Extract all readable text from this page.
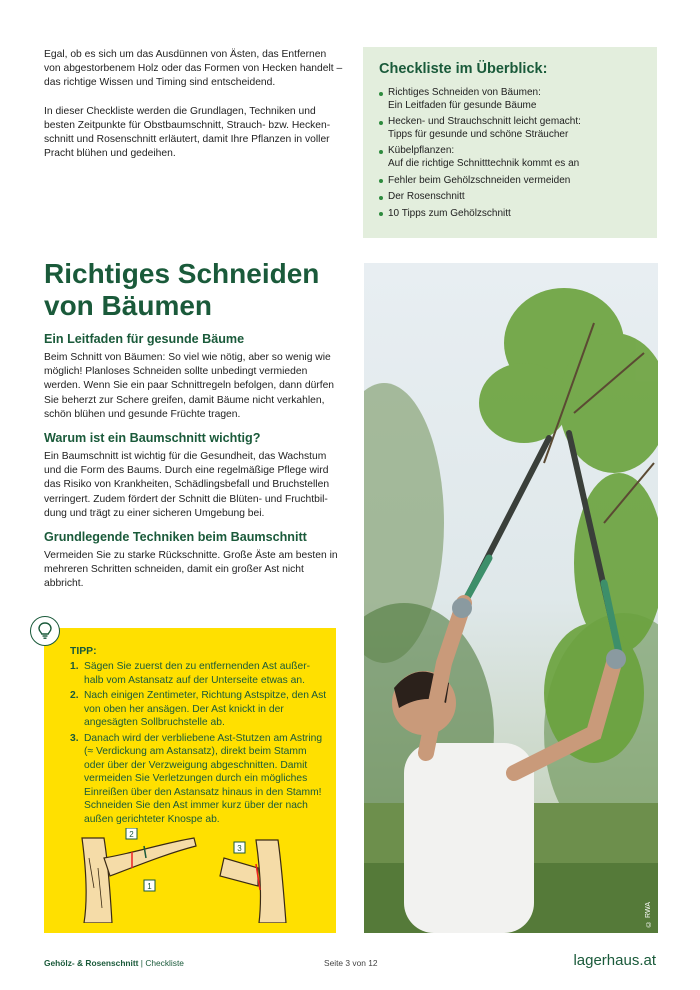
Egal, ob es sich um das Ausdünnen von Ästen, das Entfernen von abgestorbenem Holz oder das Formen von Hecken handelt – das richtige Wissen und Timing sind entscheidend.

In dieser Checkliste werden die Grundlagen, Techniken und besten Zeitpunkte für Obstbaumschnitt, Strauch- bzw. Hecken-schnitt und Rosenschnitt erläutert, damit Ihre Pflanzen in voller Pracht blühen und gedeihen.

Checkliste im Überblick:
Richtiges Schneiden von Bäumen:
Ein Leitfaden für gesunde Bäume
Hecken- und Strauchschnitt leicht gemacht:
Tipps für gesunde und schöne Sträucher
Kübelpflanzen:
Auf die richtige Schnitttechnik kommt es an
Fehler beim Gehölzschneiden vermeiden
Der Rosenschnitt
10 Tipps zum Gehölzschnitt
Richtiges Schneiden
von Bäumen
Ein Leitfaden für gesunde Bäume

Beim Schnitt von Bäumen: So viel wie nötig, aber so wenig wie möglich! Planloses Schneiden sollte unbedingt vermieden werden. Wenn Sie ein paar Schnittregeln befolgen, dann dürfen Sie beherzt zur Schere greifen, damit Bäume nicht verkahlen, schön blühen und gesunde Früchte tragen.

Warum ist ein Baumschnitt wichtig?

Ein Baumschnitt ist wichtig für die Gesundheit, das Wachstum und die Form des Baums. Durch eine regelmäßige Pflege wird das Risiko von Krankheiten, Schädlingsbefall und Bruchstellen verringert. Zudem fördert der Schnitt die Blüten- und Fruchtbil-dung und trägt zu einer sicheren Umgebung bei.

Grundlegende Techniken beim Baumschnitt

Vermeiden Sie zu starke Rückschnitte. Große Äste am besten in mehreren Schritten schneiden, damit ein großer Ast nicht abbricht.

© RWA
TIPP:
1. Sägen Sie zuerst den zu entfernenden Ast außer-halb vom Astansatz auf der Unterseite etwas an.
2. Nach einigen Zentimeter, Richtung Astspitze, den Ast von oben her ansägen. Der Ast knickt in der angesägten Sollbruchstelle ab.
3. Danach wird der verbliebene Ast-Stutzen am Astring (≈ Verdickung am Astansatz), direkt beim Stamm oder über der Verzweigung abgeschnitten. Damit vermeiden Sie Verletzungen durch ein mögliches Einreißen über den Astansatz hinaus in den Stamm! Schneiden Sie den Ast immer kurz über der nach außen gerichteter Knospe ab.
2
1
3
Gehölz- & Rosenschnitt | Checkliste	Seite 3 von 12	lagerhaus.at
